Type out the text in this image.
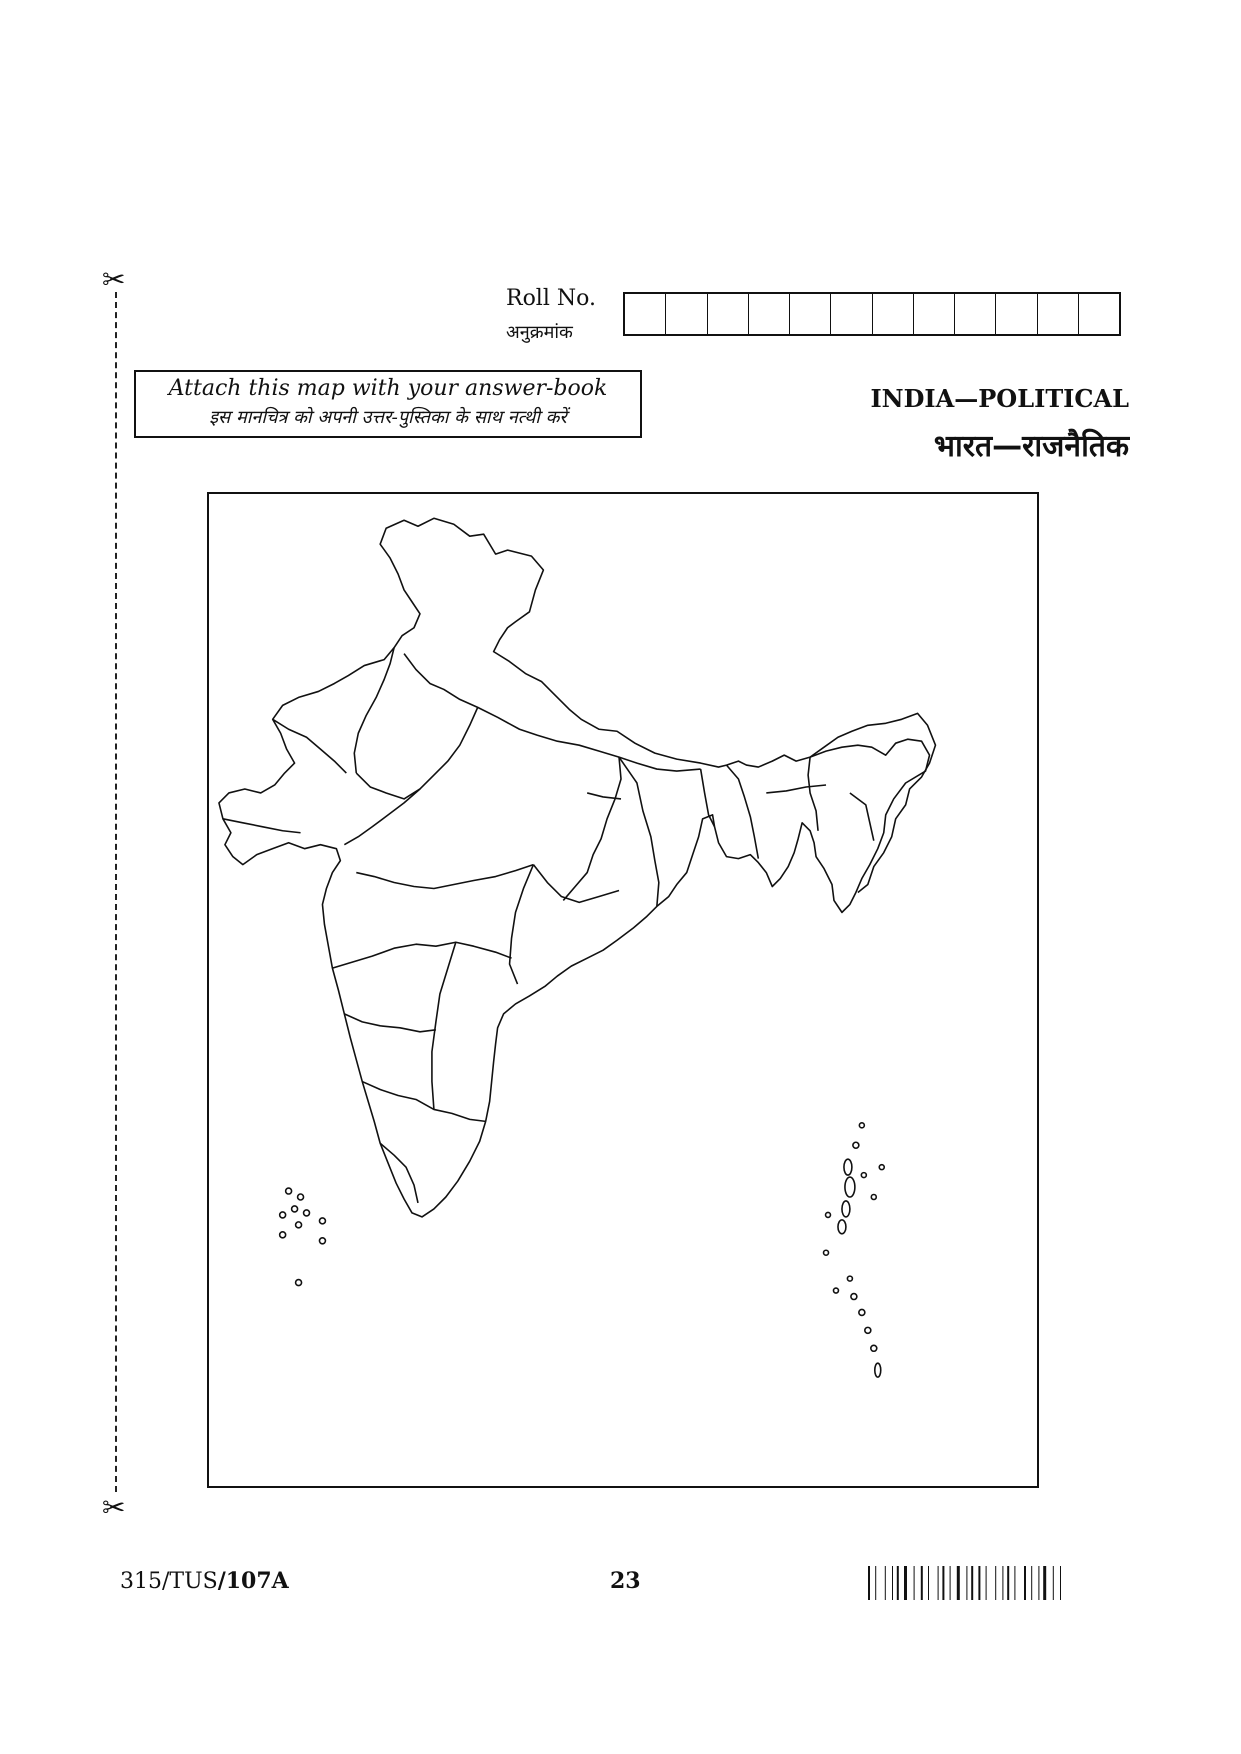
✂
✂
Roll No.
अनुक्रमांक
Attach this map with your answer-book
इस मानचित्र को अपनी उत्तर-पुस्तिका के साथ नत्थी करें
INDIA—POLITICAL
भारत—राजनैतिक
315/TUS/107A	23
